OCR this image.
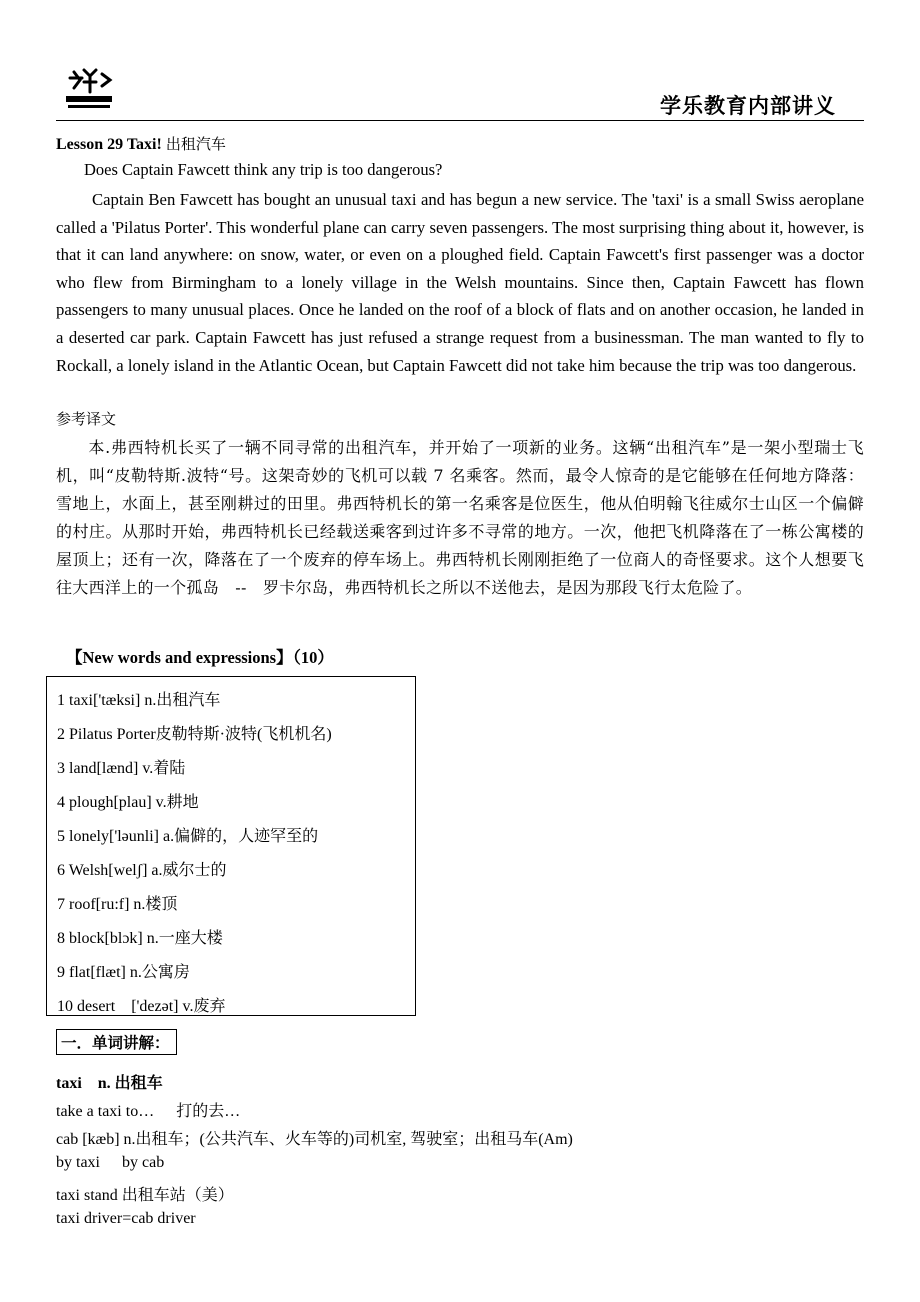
学乐教育内部讲义
Lesson 29 Taxi! 出租汽车
Does Captain Fawcett think any trip is too dangerous?
Captain Ben Fawcett has bought an unusual taxi and has begun a new service. The 'taxi' is a small Swiss aeroplane called a 'Pilatus Porter'. This wonderful plane can carry seven passengers. The most surprising thing about it, however, is that it can land anywhere: on snow, water, or even on a ploughed field. Captain Fawcett's first passenger was a doctor who flew from Birmingham to a lonely village in the Welsh mountains. Since then, Captain Fawcett has flown passengers to many unusual places. Once he landed on the roof of a block of flats and on another occasion, he landed in a deserted car park. Captain Fawcett has just refused a strange request from a businessman. The man wanted to fly to Rockall, a lonely island in the Atlantic Ocean, but Captain Fawcett did not take him because the trip was too dangerous.
参考译文
本.弗西特机长买了一辆不同寻常的出租汽车，并开始了一项新的业务。这辆“出租汽车”是一架小型瑞士飞机，叫“皮勒特斯.波特“号。这架奇妙的飞机可以载 7 名乘客。然而，最令人惊奇的是它能够在任何地方降落：雪地上，水面上，甚至刚耕过的田里。弗西特机长的第一名乘客是位医生，他从伯明翰飞往威尔士山区一个偏僻的村庄。从那时开始，弗西特机长已经载送乘客到过许多不寻常的地方。一次，他把飞机降落在了一栋公寓楼的屋顶上；还有一次，降落在了一个废弃的停车场上。弗西特机长刚刚拒绝了一位商人的奇怪要求。这个人想要飞往大西洋上的一个孤岛　--　罗卡尔岛，弗西特机长之所以不送他去，是因为那段飞行太危险了。
【New words and expressions】（10）
1 taxi['tæksi] n.出租汽车
2 Pilatus Porter皮勒特斯·波特(飞机机名)
3 land[lænd] v.着陆
4 plough[plau] v.耕地
5 lonely['ləunli] a.偏僻的，人迹罕至的
6 Welsh[welʃ] a.威尔士的
7 roof[ru:f] n.楼顶
8 block[blɔk] n.一座大楼
9 flat[flæt] n.公寓房
10 desert　['dezət] v.废弃
一．单词讲解：
taxi　n. 出租车
take a taxi to… 打的去…
cab [kæb] n.出租车；(公共汽车、火车等的)司机室, 驾驶室；出租马车(Am)
by taxi by cab
taxi stand 出租车站（美）
taxi driver=cab driver
